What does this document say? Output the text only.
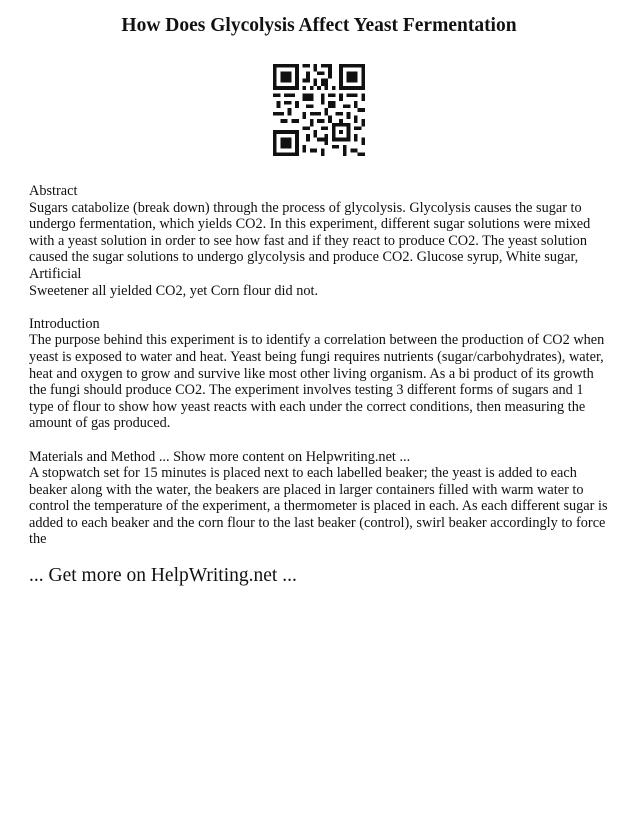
How Does Glycolysis Affect Yeast Fermentation

Abstract

Sugars catabolize (break down) through the process of glycolysis. Glycolysis causes the sugar to undergo fermentation, which yields CO2. In this experiment, different sugar solutions were mixed with a yeast solution in order to see how fast and if they react to produce CO2. The yeast solution caused the sugar solutions to undergo glycolysis and produce CO2. Glucose syrup, White sugar, Artificial

Sweetener all yielded CO2, yet Corn flour did not.

Introduction

The purpose behind this experiment is to identify a correlation between the production of CO2 when yeast is exposed to water and heat. Yeast being fungi requires nutrients (sugar/carbohydrates), water, heat and oxygen to grow and survive like most other living organism. As a bi product of its growth the fungi should produce CO2. The experiment involves testing 3 different forms of sugars and 1 type of flour to show how yeast reacts with each under the correct conditions, then measuring the amount of gas produced.

Materials and Method ... Show more content on Helpwriting.net ...

A stopwatch set for 15 minutes is placed next to each labelled beaker; the yeast is added to each beaker along with the water, the beakers are placed in larger containers filled with warm water to control the temperature of the experiment, a thermometer is placed in each. As each different sugar is added to each beaker and the corn flour to the last beaker (control), swirl beaker accordingly to force the

... Get more on HelpWriting.net ...
